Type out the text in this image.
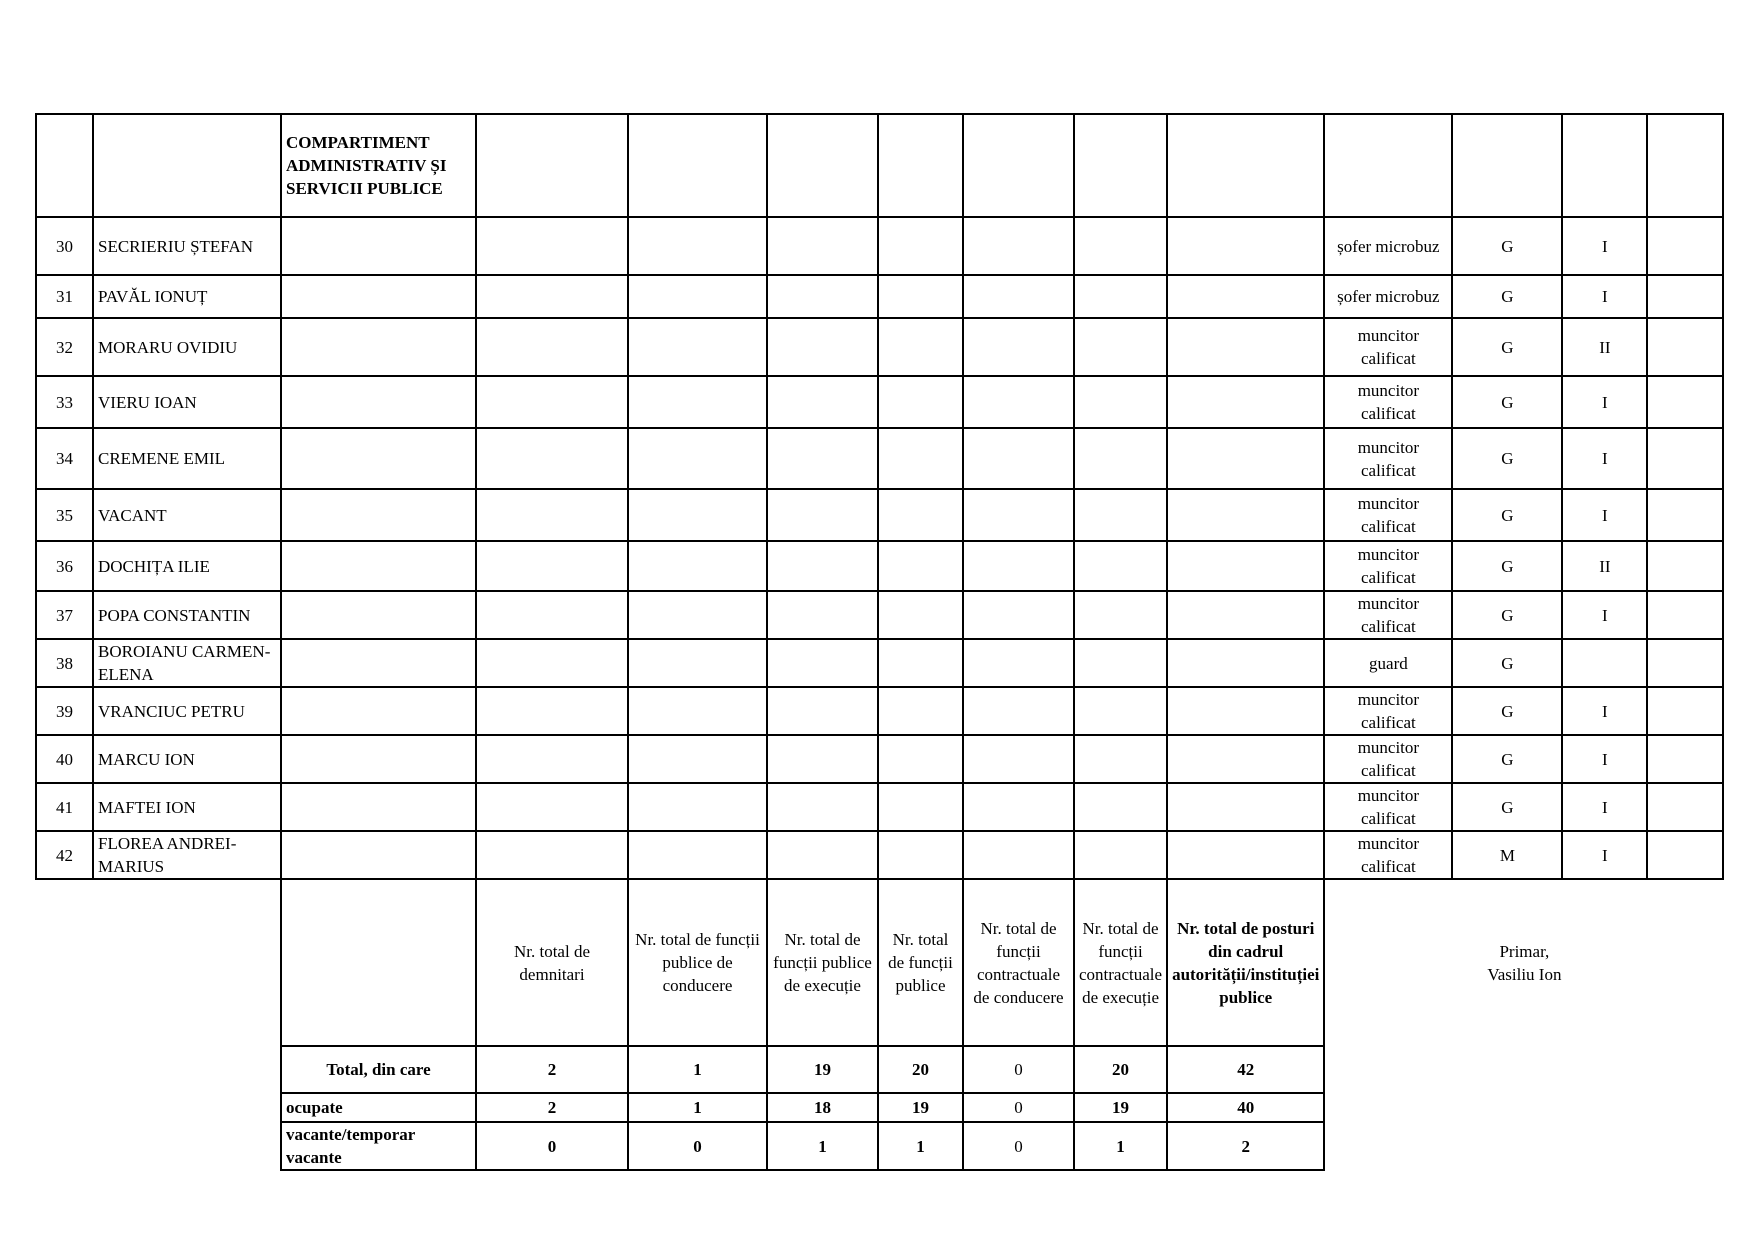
		COMPARTIMENT ADMINISTRATIV ȘI SERVICII PUBLICE											
30	SECRIERIU ȘTEFAN									șofer microbuz	G	I	
31	PAVĂL IONUȚ									șofer microbuz	G	I	
32	MORARU OVIDIU									muncitor calificat	G	II	
33	VIERU IOAN									muncitor calificat	G	I	
34	CREMENE EMIL									muncitor calificat	G	I	
35	VACANT									muncitor calificat	G	I	
36	DOCHIȚA ILIE									muncitor calificat	G	II	
37	POPA CONSTANTIN									muncitor calificat	G	I	
38	BOROIANU CARMEN-ELENA									guard	G		
39	VRANCIUC PETRU									muncitor calificat	G	I	
40	MARCU ION									muncitor calificat	G	I	
41	MAFTEI ION									muncitor calificat	G	I	
42	FLOREA ANDREI-MARIUS									muncitor calificat	M	I	
			Nr. total de demnitari	Nr. total de funcții publice de conducere	Nr. total de funcții publice de execuție	Nr. total de funcții publice	Nr. total de funcții contractuale de conducere	Nr. total de funcții contractuale de execuție	Nr. total de posturi din cadrul autorității/instituției publice	Primar,
Vasiliu Ion			

		Total, din care	2	1	19	20	0	20	42				
		ocupate	2	1	18	19	0	19	40				
		vacante/temporar vacante	0	0	1	1	0	1	2				
